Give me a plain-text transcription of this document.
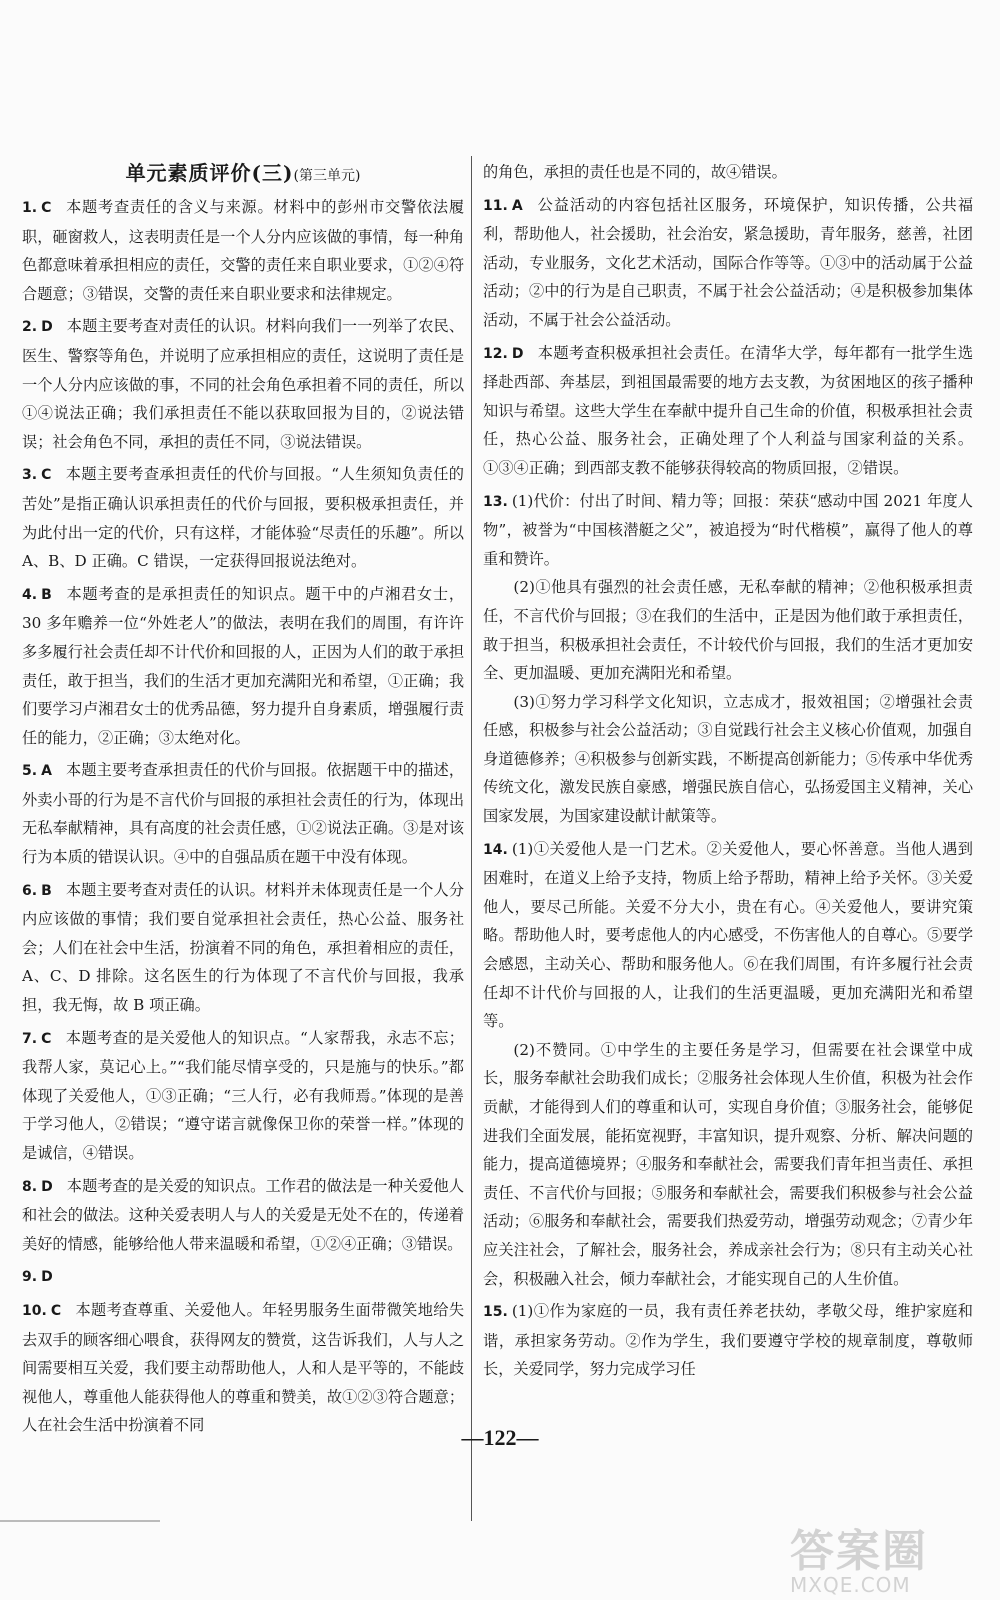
单元素质评价(三)(第三单元)
1. C 本题考查责任的含义与来源。材料中的彭州市交警依法履职，砸窗救人，这表明责任是一个人分内应该做的事情，每一种角色都意味着承担相应的责任，交警的责任来自职业要求，①②④符合题意；③错误，交警的责任来自职业要求和法律规定。
2. D 本题主要考查对责任的认识。材料向我们一一列举了农民、医生、警察等角色，并说明了应承担相应的责任，这说明了责任是一个人分内应该做的事，不同的社会角色承担着不同的责任，所以①④说法正确；我们承担责任不能以获取回报为目的，②说法错误；社会角色不同，承担的责任不同，③说法错误。
3. C 本题主要考查承担责任的代价与回报。“人生须知负责任的苦处”是指正确认识承担责任的代价与回报，要积极承担责任，并为此付出一定的代价，只有这样，才能体验“尽责任的乐趣”。所以 A、B、D 正确。C 错误，一定获得回报说法绝对。
4. B 本题考查的是承担责任的知识点。题干中的卢湘君女士，30 多年赡养一位“外姓老人”的做法，表明在我们的周围，有许许多多履行社会责任却不计代价和回报的人，正因为人们的敢于承担责任，敢于担当，我们的生活才更加充满阳光和希望，①正确；我们要学习卢湘君女士的优秀品德，努力提升自身素质，增强履行责任的能力，②正确；③太绝对化。
5. A 本题主要考查承担责任的代价与回报。依据题干中的描述，外卖小哥的行为是不言代价与回报的承担社会责任的行为，体现出无私奉献精神，具有高度的社会责任感，①②说法正确。③是对该行为本质的错误认识。④中的自强品质在题干中没有体现。
6. B 本题主要考查对责任的认识。材料并未体现责任是一个人分内应该做的事情；我们要自觉承担社会责任，热心公益、服务社会；人们在社会中生活，扮演着不同的角色，承担着相应的责任，A、C、D 排除。这名医生的行为体现了不言代价与回报，我承担，我无悔，故 B 项正确。
7. C 本题考查的是关爱他人的知识点。“人家帮我，永志不忘；我帮人家，莫记心上。”“我们能尽情享受的，只是施与的快乐。”都体现了关爱他人，①③正确；“三人行，必有我师焉。”体现的是善于学习他人，②错误；“遵守诺言就像保卫你的荣誉一样。”体现的是诚信，④错误。
8. D 本题考查的是关爱的知识点。工作君的做法是一种关爱他人和社会的做法。这种关爱表明人与人的关爱是无处不在的，传递着美好的情感，能够给他人带来温暖和希望，①②④正确；③错误。
9. D
10. C 本题考查尊重、关爱他人。年轻男服务生面带微笑地给失去双手的顾客细心喂食，获得网友的赞赏，这告诉我们，人与人之间需要相互关爱，我们要主动帮助他人，人和人是平等的，不能歧视他人，尊重他人能获得他人的尊重和赞美，故①②③符合题意；人在社会生活中扮演着不同
的角色，承担的责任也是不同的，故④错误。
11. A 公益活动的内容包括社区服务，环境保护，知识传播，公共福利，帮助他人，社会援助，社会治安，紧急援助，青年服务，慈善，社团活动，专业服务，文化艺术活动，国际合作等等。①③中的活动属于公益活动；②中的行为是自己职责，不属于社会公益活动；④是积极参加集体活动，不属于社会公益活动。
12. D 本题考查积极承担社会责任。在清华大学，每年都有一批学生选择赴西部、奔基层，到祖国最需要的地方去支教，为贫困地区的孩子播种知识与希望。这些大学生在奉献中提升自己生命的价值，积极承担社会责任，热心公益、服务社会，正确处理了个人利益与国家利益的关系。①③④正确；到西部支教不能够获得较高的物质回报，②错误。
13. (1)代价：付出了时间、精力等；回报：荣获“感动中国 2021 年度人物”，被誉为“中国核潜艇之父”，被追授为“时代楷模”，赢得了他人的尊重和赞许。
(2)①他具有强烈的社会责任感，无私奉献的精神；②他积极承担责任，不言代价与回报；③在我们的生活中，正是因为他们敢于承担责任，敢于担当，积极承担社会责任，不计较代价与回报，我们的生活才更加安全、更加温暖、更加充满阳光和希望。
(3)①努力学习科学文化知识，立志成才，报效祖国；②增强社会责任感，积极参与社会公益活动；③自觉践行社会主义核心价值观，加强自身道德修养；④积极参与创新实践，不断提高创新能力；⑤传承中华优秀传统文化，激发民族自豪感，增强民族自信心，弘扬爱国主义精神，关心国家发展，为国家建设献计献策等。
14. (1)①关爱他人是一门艺术。②关爱他人，要心怀善意。当他人遇到困难时，在道义上给予支持，物质上给予帮助，精神上给予关怀。③关爱他人，要尽己所能。关爱不分大小，贵在有心。④关爱他人，要讲究策略。帮助他人时，要考虑他人的内心感受，不伤害他人的自尊心。⑤要学会感恩，主动关心、帮助和服务他人。⑥在我们周围，有许多履行社会责任却不计代价与回报的人，让我们的生活更温暖，更加充满阳光和希望等。
(2)不赞同。①中学生的主要任务是学习，但需要在社会课堂中成长，服务奉献社会助我们成长；②服务社会体现人生价值，积极为社会作贡献，才能得到人们的尊重和认可，实现自身价值；③服务社会，能够促进我们全面发展，能拓宽视野，丰富知识，提升观察、分析、解决问题的能力，提高道德境界；④服务和奉献社会，需要我们青年担当责任、承担责任、不言代价与回报；⑤服务和奉献社会，需要我们积极参与社会公益活动；⑥服务和奉献社会，需要我们热爱劳动，增强劳动观念；⑦青少年应关注社会，了解社会，服务社会，养成亲社会行为；⑧只有主动关心社会，积极融入社会，倾力奉献社会，才能实现自己的人生价值。
15. (1)①作为家庭的一员，我有责任养老扶幼，孝敬父母，维护家庭和谐，承担家务劳动。②作为学生，我们要遵守学校的规章制度，尊敬师长，关爱同学，努力完成学习任
—122—
答案圈
MXQE.COM
